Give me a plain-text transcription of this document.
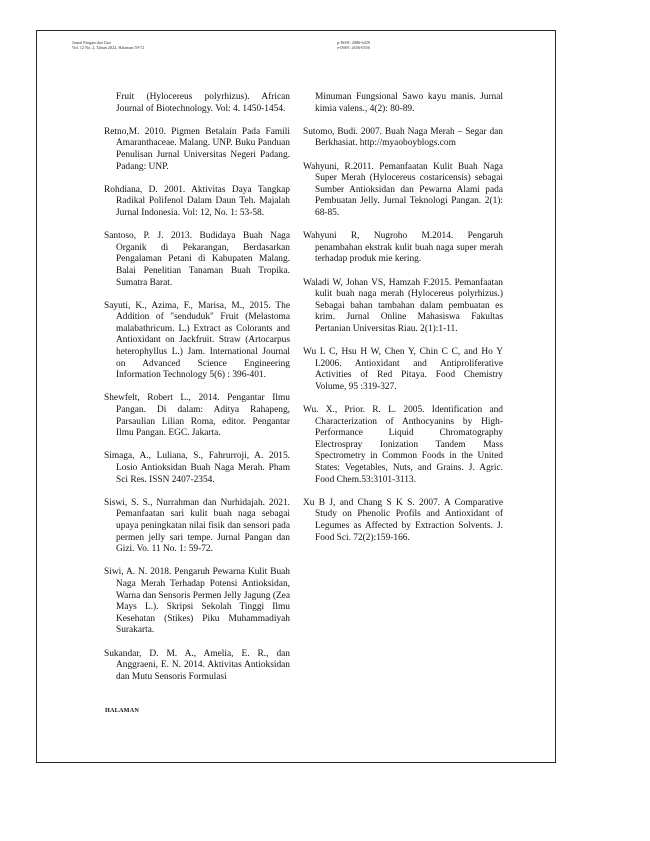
Jurnal Pangan dan Gizi
Vol. 12 No. 2, Tahun 2022, Halaman 59-72
p-ISSN: 2086-6429
e-ISSN: 2656-0356

Fruit (Hylocereus polyrhizus). African Journal of Biotechnology. Vol: 4. 1450-1454.

Retno,M. 2010. Pigmen Betalain Pada Famili Amaranthaceae. Malang. UNP. Buku Panduan Penulisan Jurnal Universitas Negeri Padang. Padang: UNP.

Rohdiana, D. 2001. Aktivitas Daya Tangkap Radikal Polifenol Dalam Daun Teh. Majalah Jurnal Indonesia. Vol: 12, No. 1: 53-58.

Santoso, P. J. 2013. Budidaya Buah Naga Organik di Pekarangan, Berdasarkan Pengalaman Petani di Kabupaten Malang. Balai Penelitian Tanaman Buah Tropika. Sumatra Barat.

Sayuti, K., Azima, F., Marisa, M., 2015. The Addition of "senduduk" Fruit (Melastoma malabathricum. L.) Extract as Colorants and Antioxidant on Jackfruit. Straw (Artocarpus heterophyllus L.) Jam. International Journal on Advanced Science Engineering Information Technology 5(6) : 396-401.

Shewfelt, Robert L., 2014. Pengantar Ilmu Pangan. Di dalam: Aditya Rahapeng, Parsaulian Lilian Roma, editor. Pengantar Ilmu Pangan. EGC. Jakarta.

Simaga, A., Luliana, S., Fahrurroji, A. 2015. Losio Antioksidan Buah Naga Merah. Pham Sci Res. ISSN 2407-2354.

Siswi, S. S., Nurrahman dan Nurhidajah. 2021. Pemanfaatan sari kulit buah naga sebagai upaya peningkatan nilai fisik dan sensori pada permen jelly sari tempe. Jurnal Pangan dan Gizi. Vo. 11 No. 1: 59-72.

Siwi, A. N. 2018. Pengaruh Pewarna Kulit Buah Naga Merah Terhadap Potensi Antioksidan, Warna dan Sensoris Permen Jelly Jagung (Zea Mays L.). Skripsi Sekolah Tinggi Ilmu Kesehatan (Stikes) Piku Muhammadiyah Surakarta.

Sukandar, D. M. A., Amelia, E. R., dan Anggraeni, E. N. 2014. Aktivitas Antioksidan dan Mutu Sensoris Formulasi

Minuman Fungsional Sawo kayu manis. Jurnal kimia valens., 4(2): 80-89.

Sutomo, Budi. 2007. Buah Naga Merah – Segar dan Berkhasiat. http://myaoboyblogs.com

Wahyuni, R.2011. Pemanfaatan Kulit Buah Naga Super Merah (Hylocereus costaricensis) sebagai Sumber Antioksidan dan Pewarna Alami pada Pembuatan Jelly. Jurnal Teknologi Pangan. 2(1): 68-85.

Wahyuni R, Nugroho M.2014. Pengaruh penambahan ekstrak kulit buah naga super merah terhadap produk mie kering.

Waladi W, Johan VS, Hamzah F.2015. Pemanfaatan kulit buah naga merah (Hylocereus polyrhizus.) Sebagai bahan tambahan dalam pembuatan es krim. Jurnal Online Mahasiswa Fakultas Pertanian Universitas Riau. 2(1):1-11.

Wu L C, Hsu H W, Chen Y, Chin C C, and Ho Y I.2006. Antioxidant and Antiproliferative Activities of Red Pitaya. Food Chemistry Volume, 95 :319-327.

Wu. X., Prior. R. L. 2005. Identification and Characterization of Anthocyanins by High-Performance Liquid Chromatography Electrospray Ionization Tandem Mass Spectrometry in Common Foods in the United States: Vegetables, Nuts, and Grains. J. Agric. Food Chem.53:3101-3113.

Xu B J, and Chang S K S. 2007. A Comparative Study on Phenolic Profils and Antioxidant of Legumes as Affected by Extraction Solvents. J. Food Sci. 72(2):159-166.

HALAMAN
